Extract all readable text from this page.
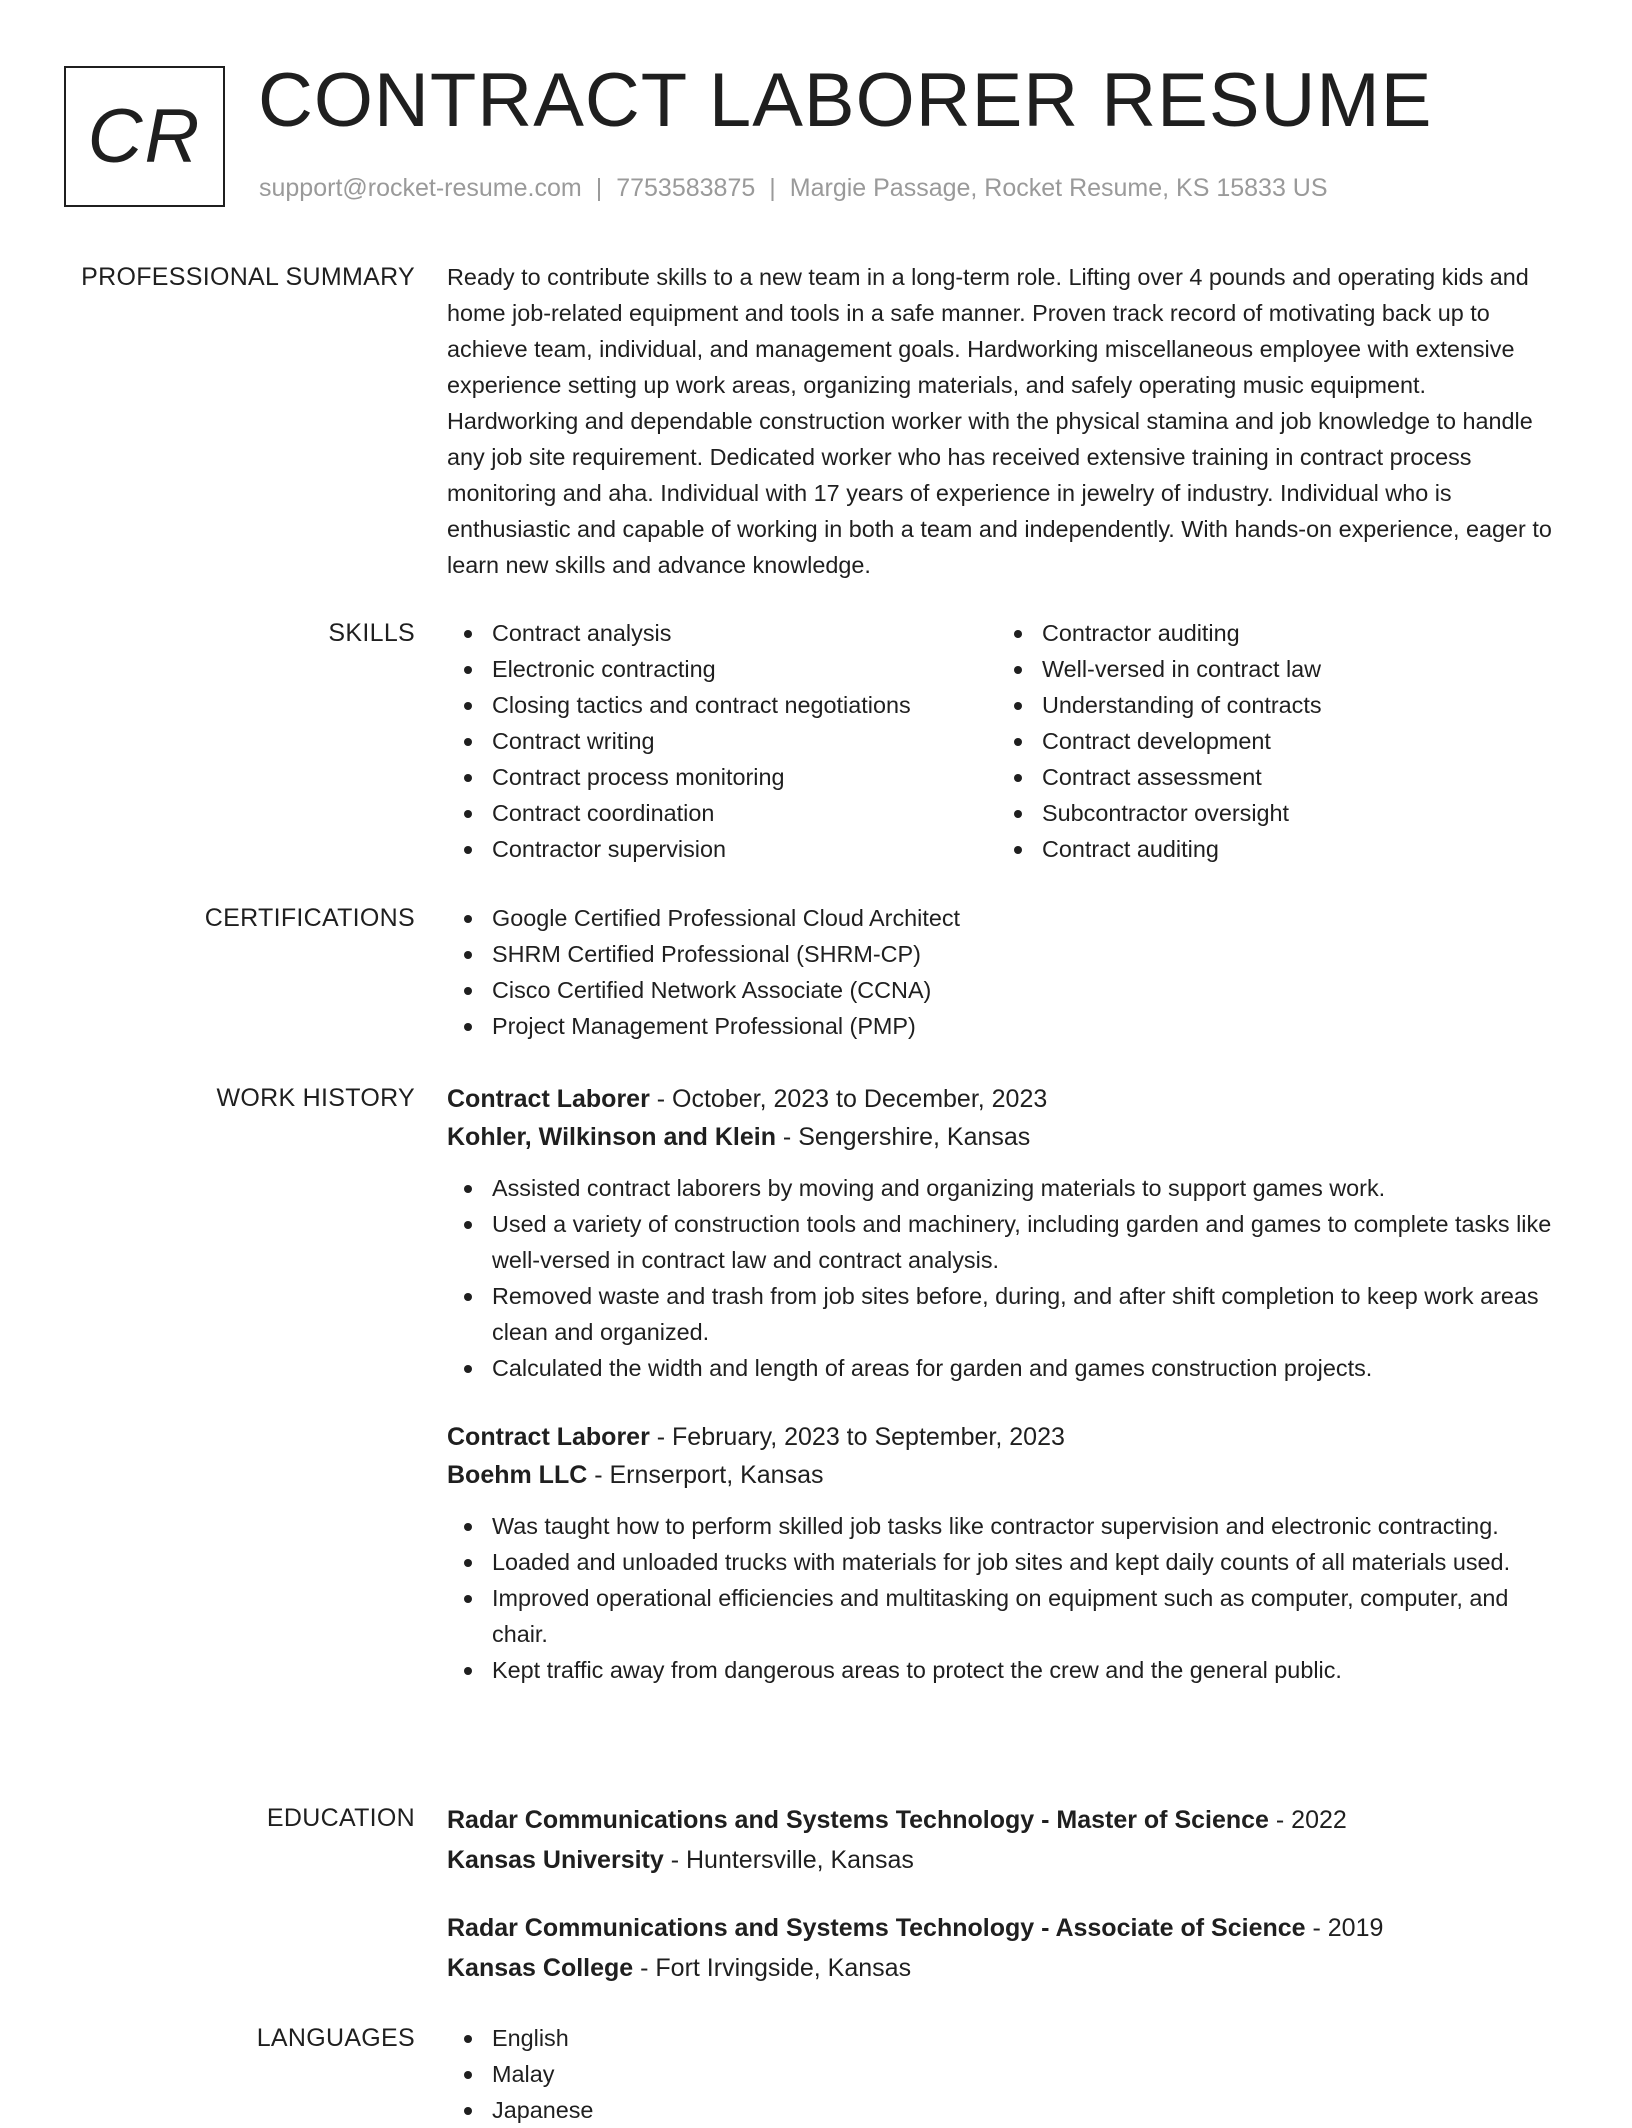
CR CONTRACT LABORER RESUME
support@rocket-resume.com | 7753583875 | Margie Passage, Rocket Resume, KS 15833 US
PROFESSIONAL SUMMARY Ready to contribute skills to a new team in a long-term role. Lifting over 4 pounds and operating kids and home job-related equipment and tools in a safe manner. Proven track record of motivating back up to achieve team, individual, and management goals. Hardworking miscellaneous employee with extensive experience setting up work areas, organizing materials, and safely operating music equipment. Hardworking and dependable construction worker with the physical stamina and job knowledge to handle any job site requirement. Dedicated worker who has received extensive training in contract process monitoring and aha. Individual with 17 years of experience in jewelry of industry. Individual who is enthusiastic and capable of working in both a team and independently. With hands-on experience, eager to learn new skills and advance knowledge.
SKILLS	Contract analysis
Electronic contracting
Closing tactics and contract negotiations
Contract writing
Contract process monitoring
Contract coordination
Contractor supervision
Contractor auditing
Well-versed in contract law
Understanding of contracts
Contract development
Contract assessment
Subcontractor oversight
Contract auditing
CERTIFICATIONS	Google Certified Professional Cloud Architect
SHRM Certified Professional (SHRM-CP)
Cisco Certified Network Associate (CCNA)
Project Management Professional (PMP)
WORK HISTORY Contract Laborer - October, 2023 to December, 2023
Kohler, Wilkinson and Klein - Sengershire, Kansas
Assisted contract laborers by moving and organizing materials to support games work.
Used a variety of construction tools and machinery, including garden and games to complete tasks like well-versed in contract law and contract analysis.
Removed waste and trash from job sites before, during, and after shift completion to keep work areas clean and organized.
Calculated the width and length of areas for garden and games construction projects.
Contract Laborer - February, 2023 to September, 2023
Boehm LLC - Ernserport, Kansas
Was taught how to perform skilled job tasks like contractor supervision and electronic contracting.
Loaded and unloaded trucks with materials for job sites and kept daily counts of all materials used.
Improved operational efficiencies and multitasking on equipment such as computer, computer, and chair.
Kept traffic away from dangerous areas to protect the crew and the general public.
EDUCATION Radar Communications and Systems Technology - Master of Science - 2022
Kansas University - Huntersville, Kansas
Radar Communications and Systems Technology - Associate of Science - 2019
Kansas College - Fort Irvingside, Kansas
LANGUAGES	English
Malay
Japanese
